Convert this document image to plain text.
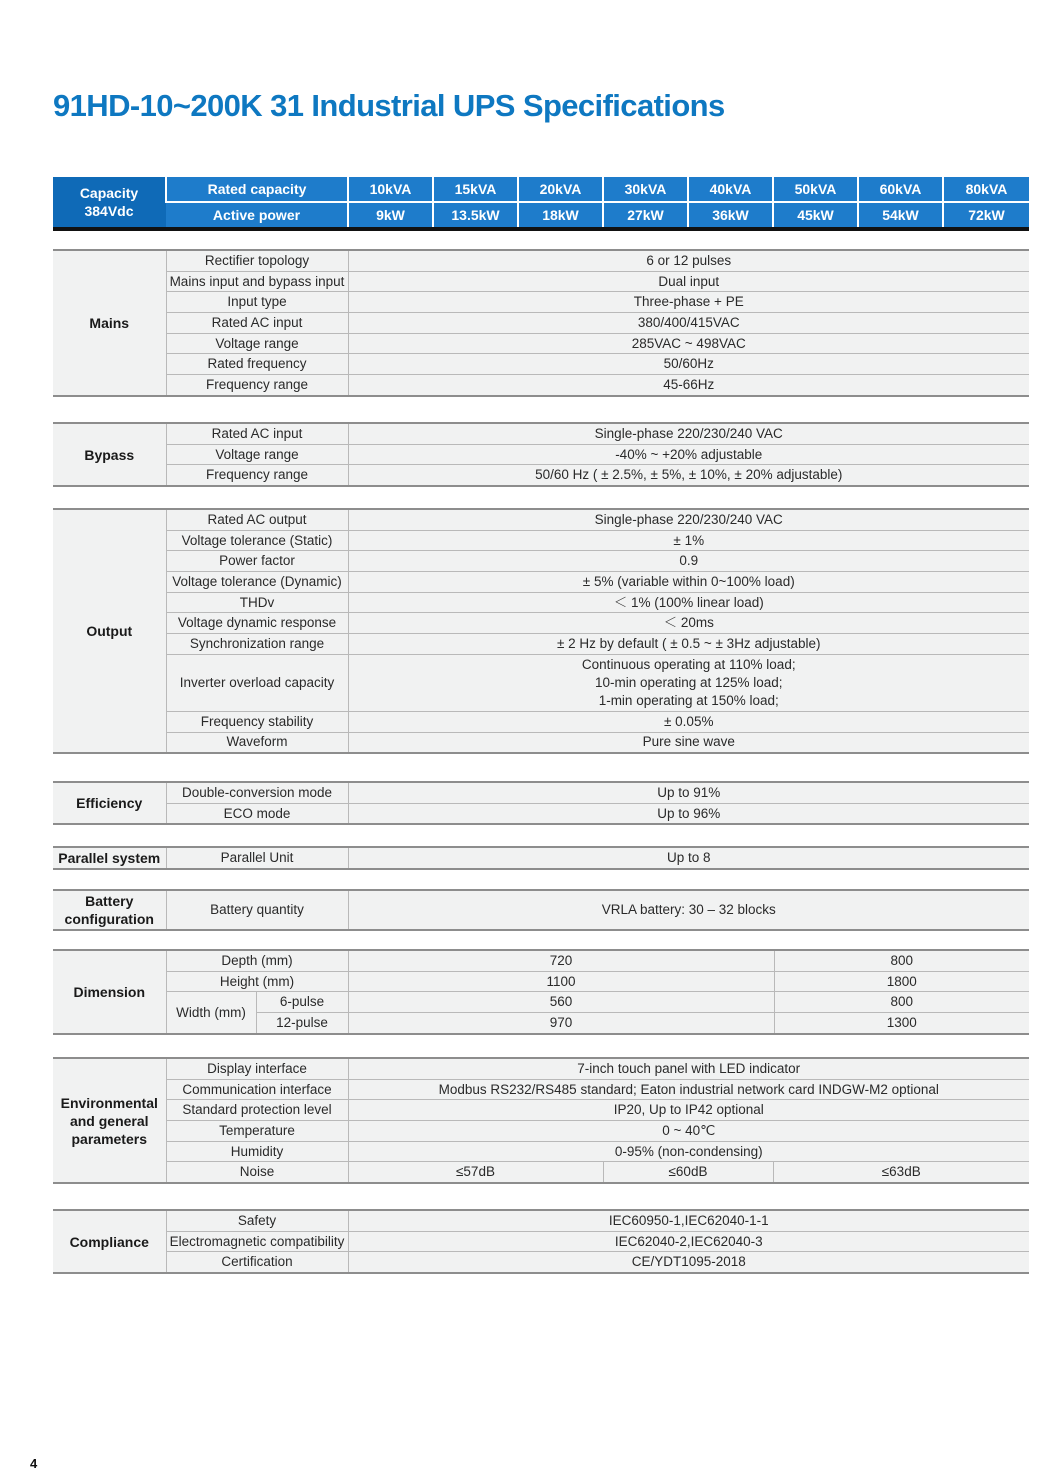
91HD-10~200K 31 Industrial UPS Specifications
Capacity
384Vdc	Rated capacity	10kVA	15kVA	20kVA	30kVA	40kVA	50kVA	60kVA	80kVA
	Active power	9kW	13.5kW	18kW	27kW	36kW	45kW	54kW	72kW
Mains	Rectifier topology	6 or 12 pulses
	Mains input and bypass input	Dual input
	Input type	Three-phase + PE
	Rated AC input	380/400/415VAC
	Voltage range	285VAC ~ 498VAC
	Rated frequency	50/60Hz
	Frequency range	45-66Hz
Bypass	Rated AC input	Single-phase 220/230/240 VAC
	Voltage range	-40% ~ +20% adjustable
	Frequency range	50/60 Hz ( ± 2.5%, ± 5%, ± 10%, ± 20% adjustable)
Output	Rated AC output	Single-phase 220/230/240 VAC
	Voltage tolerance (Static)	± 1%
	Power factor	0.9
	Voltage tolerance (Dynamic)	± 5% (variable within 0~100% load)
	THDv	＜ 1% (100% linear load)
	Voltage dynamic response	＜ 20ms
	Synchronization range	± 2 Hz by default ( ± 0.5 ~ ± 3Hz adjustable)
	Inverter overload capacity	Continuous operating at 110% load;
10-min operating at 125% load;
1-min operating at 150% load;

	Frequency stability	± 0.05%
	Waveform	Pure sine wave
Efficiency	Double-conversion mode	Up to 91%
	ECO mode	Up to 96%
Parallel system	Parallel Unit	Up to 8
Battery
configuration
	Battery quantity	VRLA battery: 30 – 32 blocks
Dimension	Depth (mm)		720	800
	Height (mm)		1100	1800
	Width (mm)	6-pulse	560	800
		12-pulse	970	1300
Environmental
and general
parameters	Display interface	7-inch touch panel with LED indicator		
	Communication interface	Modbus RS232/RS485 standard; Eaton industrial network card INDGW-M2 optional		
	Standard protection level	IP20, Up to IP42 optional		
	Temperature	0 ~ 40℃		
	Humidity	0-95% (non-condensing)		
	Noise	≤57dB	≤60dB	≤63dB
Compliance	Safety	IEC60950-1,IEC62040-1-1
	Electromagnetic compatibility	IEC62040-2,IEC62040-3
	Certification	CE/YDT1095-2018
4
